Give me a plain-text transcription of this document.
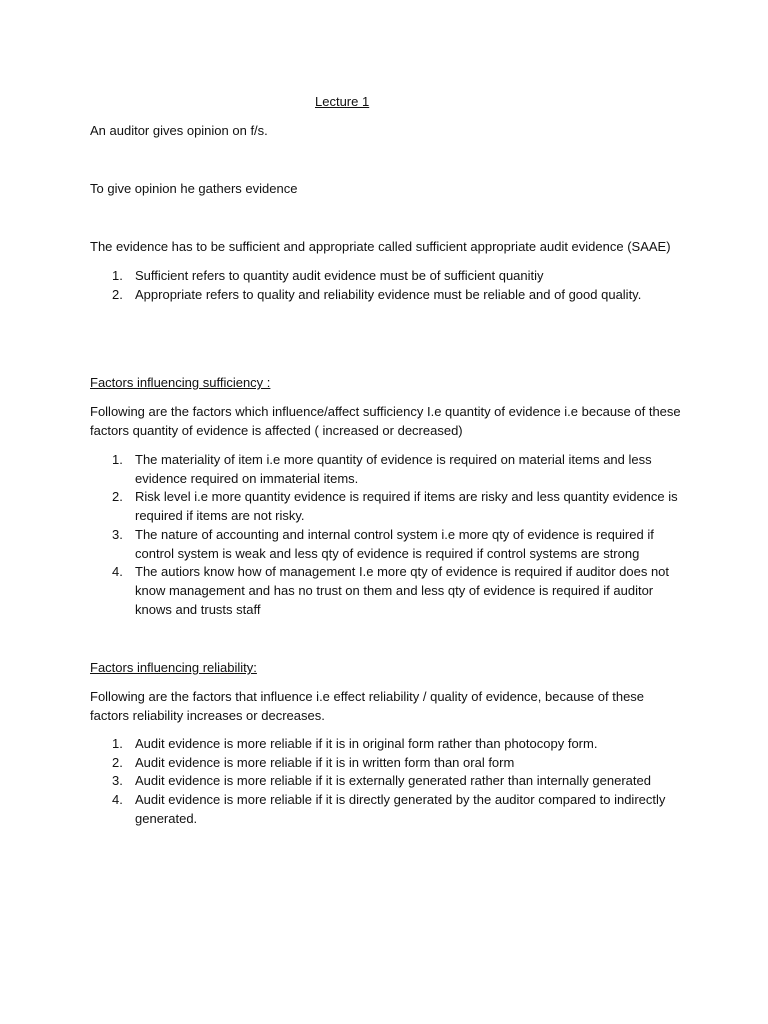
Lecture 1
An auditor gives opinion on f/s.
To give opinion he gathers evidence
The evidence has to be sufficient and appropriate called sufficient appropriate audit evidence (SAAE)
1. Sufficient refers to quantity audit evidence must be of sufficient quanitiy
2. Appropriate refers to quality and reliability evidence must be reliable and of good quality.
Factors influencing sufficiency :
Following are the factors which influence/affect sufficiency I.e quantity of evidence i.e because of these
factors quantity of evidence is affected ( increased or decreased)
1. The materiality of item i.e more quantity of evidence is required on material items and less
evidence required on immaterial items.
2. Risk level i.e more quantity evidence is required if items are risky and less quantity evidence is
required if items are not risky.
3. The nature of accounting and internal control system i.e more qty of evidence is required if
control system is weak and less qty of evidence is required if control systems are strong
4. The autiors know how of management I.e more qty of evidence is required if auditor does not
know management and has no trust on them and less qty of evidence is required if auditor
knows and trusts staff
Factors influencing reliability:
Following are the factors that influence i.e effect reliability / quality of evidence, because of these
factors reliability increases or decreases.
1. Audit evidence is more reliable if it is in original form rather than photocopy form.
2. Audit evidence is more reliable if it is in written form than oral form
3. Audit evidence is more reliable if it is externally generated rather than internally generated
4. Audit evidence is more reliable if it is directly generated by the auditor compared to indirectly
generated.
